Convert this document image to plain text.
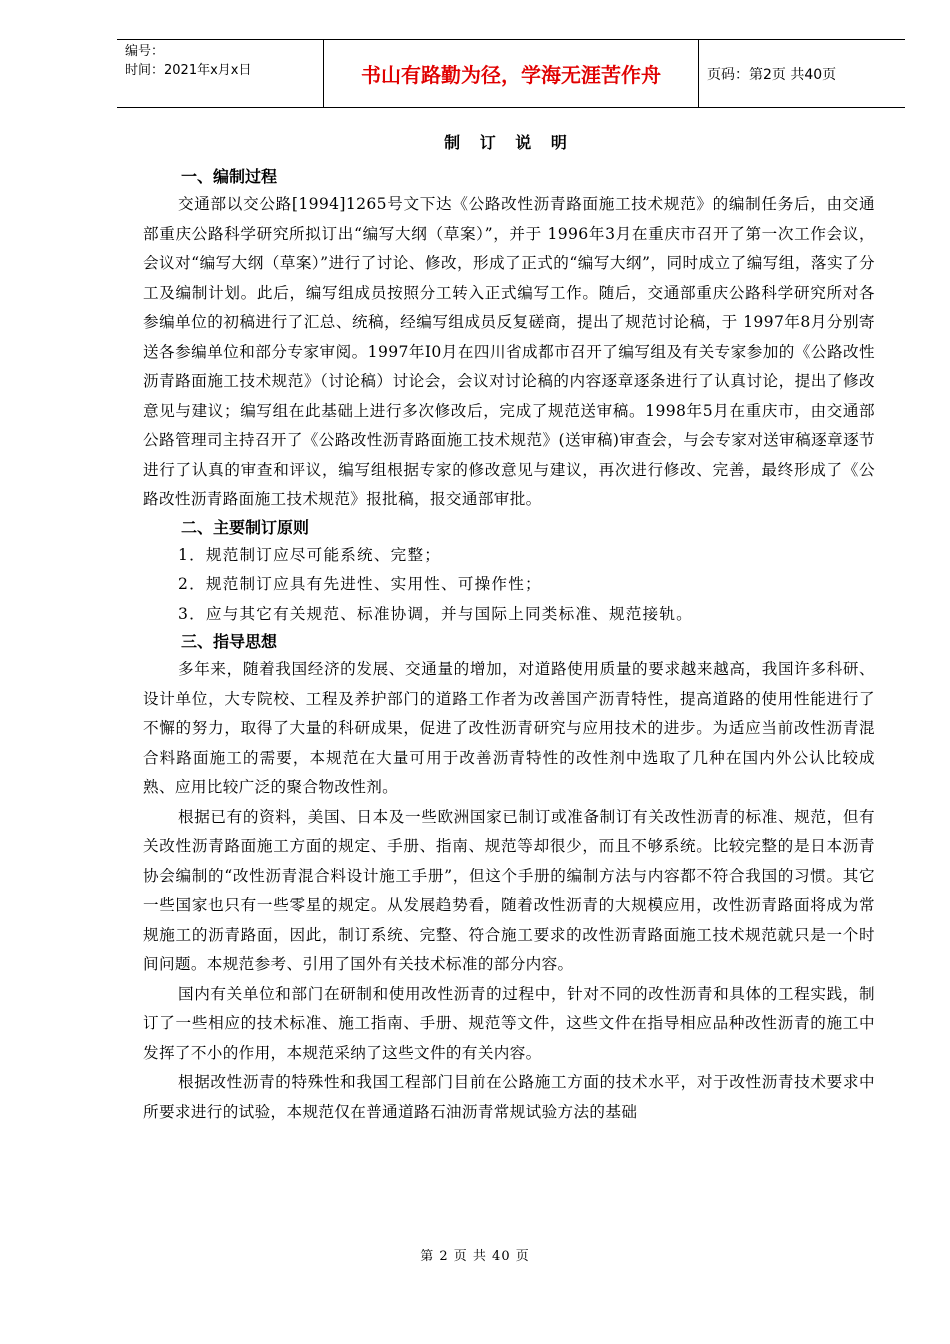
编号：
时间：2021年x月x日	书山有路勤为径，学海无涯苦作舟	页码：第2页 共40页
制 订 说 明
一、编制过程

交通部以交公路[1994]1265号文下达《公路改性沥青路面施工技术规范》的编制任务后，由交通部重庆公路科学研究所拟订出“编写大纲（草案）”，并于 1996年3月在重庆市召开了第一次工作会议，会议对“编写大纲（草案）”进行了讨论、修改，形成了正式的“编写大纲”，同时成立了编写组，落实了分工及编制计划。此后，编写组成员按照分工转入正式编写工作。随后，交通部重庆公路科学研究所对各参编单位的初稿进行了汇总、统稿，经编写组成员反复磋商，提出了规范讨论稿，于 1997年8月分别寄送各参编单位和部分专家审阅。1997年I0月在四川省成都市召开了编写组及有关专家参加的《公路改性沥青路面施工技术规范》（讨论稿）讨论会，会议对讨论稿的内容逐章逐条进行了认真讨论，提出了修改意见与建议；编写组在此基础上进行多次修改后，完成了规范送审稿。1998年5月在重庆市，由交通部公路管理司主持召开了《公路改性沥青路面施工技术规范》(送审稿)审查会，与会专家对送审稿逐章逐节进行了认真的审查和评议，编写组根据专家的修改意见与建议，再次进行修改、完善，最终形成了《公路改性沥青路面施工技术规范》报批稿，报交通部审批。

二、主要制订原则

1．规范制订应尽可能系统、完整；

2．规范制订应具有先进性、实用性、可操作性；

3．应与其它有关规范、标准协调，并与国际上同类标准、规范接轨。

三、指导思想

多年来，随着我国经济的发展、交通量的增加，对道路使用质量的要求越来越高，我国许多科研、设计单位，大专院校、工程及养护部门的道路工作者为改善国产沥青特性，提高道路的使用性能进行了不懈的努力，取得了大量的科研成果，促进了改性沥青研究与应用技术的进步。为适应当前改性沥青混合料路面施工的需要，本规范在大量可用于改善沥青特性的改性剂中选取了几种在国内外公认比较成熟、应用比较广泛的聚合物改性剂。

根据已有的资料，美国、日本及一些欧洲国家已制订或准备制订有关改性沥青的标准、规范，但有关改性沥青路面施工方面的规定、手册、指南、规范等却很少，而且不够系统。比较完整的是日本沥青协会编制的“改性沥青混合料设计施工手册”，但这个手册的编制方法与内容都不符合我国的习惯。其它一些国家也只有一些零星的规定。从发展趋势看，随着改性沥青的大规模应用，改性沥青路面将成为常规施工的沥青路面，因此，制订系统、完整、符合施工要求的改性沥青路面施工技术规范就只是一个时间问题。本规范参考、引用了国外有关技术标准的部分内容。

国内有关单位和部门在研制和使用改性沥青的过程中，针对不同的改性沥青和具体的工程实践，制订了一些相应的技术标准、施工指南、手册、规范等文件，这些文件在指导相应品种改性沥青的施工中发挥了不小的作用，本规范采纳了这些文件的有关内容。

根据改性沥青的特殊性和我国工程部门目前在公路施工方面的技术水平，对于改性沥青技术要求中所要求进行的试验，本规范仅在普通道路石油沥青常规试验方法的基础

第 2 页 共 40 页
